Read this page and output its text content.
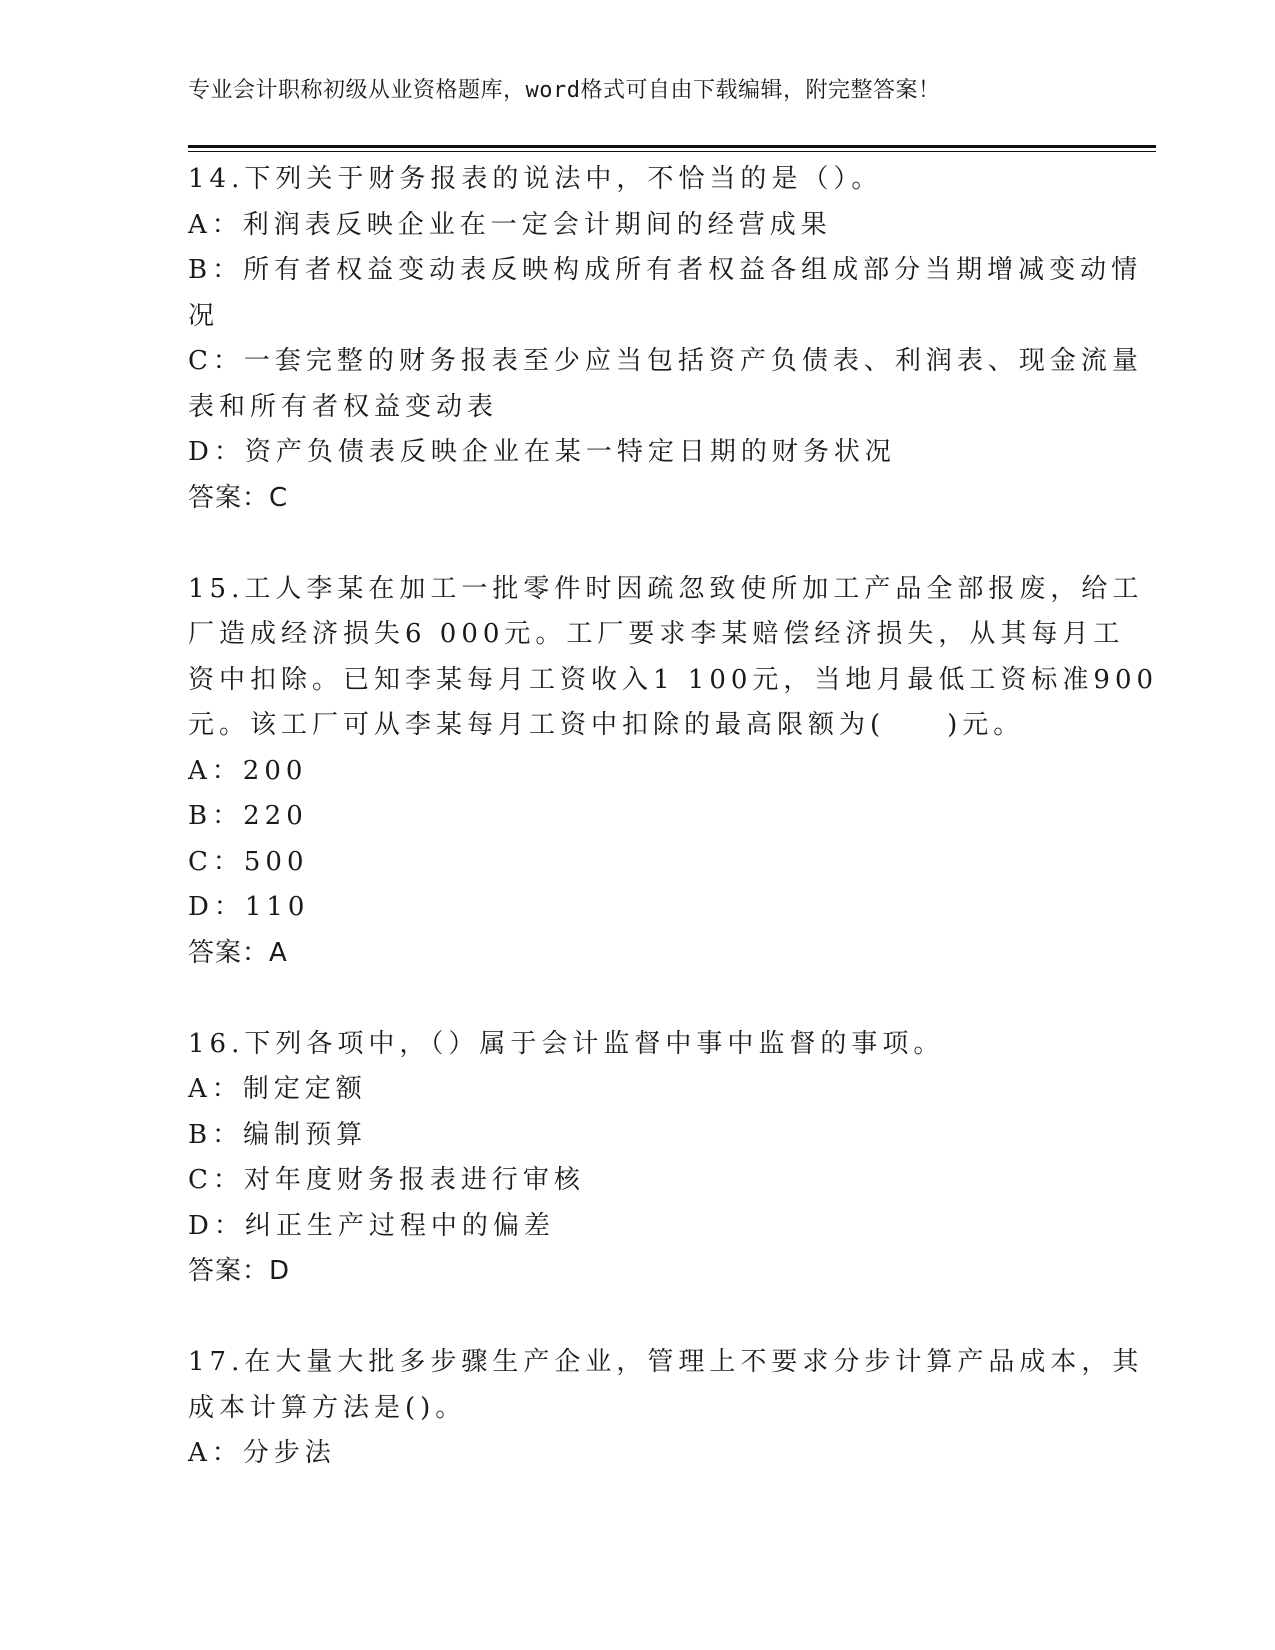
专业会计职称初级从业资格题库，word格式可自由下载编辑，附完整答案！
14.下列关于财务报表的说法中，不恰当的是（）。
A：利润表反映企业在一定会计期间的经营成果
B：所有者权益变动表反映构成所有者权益各组成部分当期增减变动情
况
C：一套完整的财务报表至少应当包括资产负债表、利润表、现金流量
表和所有者权益变动表
D：资产负债表反映企业在某一特定日期的财务状况
答案：C
15.工人李某在加工一批零件时因疏忽致使所加工产品全部报废，给工
厂造成经济损失6 000元。工厂要求李某赔偿经济损失，从其每月工
资中扣除。已知李某每月工资收入1 100元，当地月最低工资标准900
元。该工厂可从李某每月工资中扣除的最高限额为(　　)元。
A：200
B：220
C：500
D：110
答案：A
16.下列各项中，（）属于会计监督中事中监督的事项。
A：制定定额
B：编制预算
C：对年度财务报表进行审核
D：纠正生产过程中的偏差
答案：D
17.在大量大批多步骤生产企业，管理上不要求分步计算产品成本，其
成本计算方法是()。
A：分步法
